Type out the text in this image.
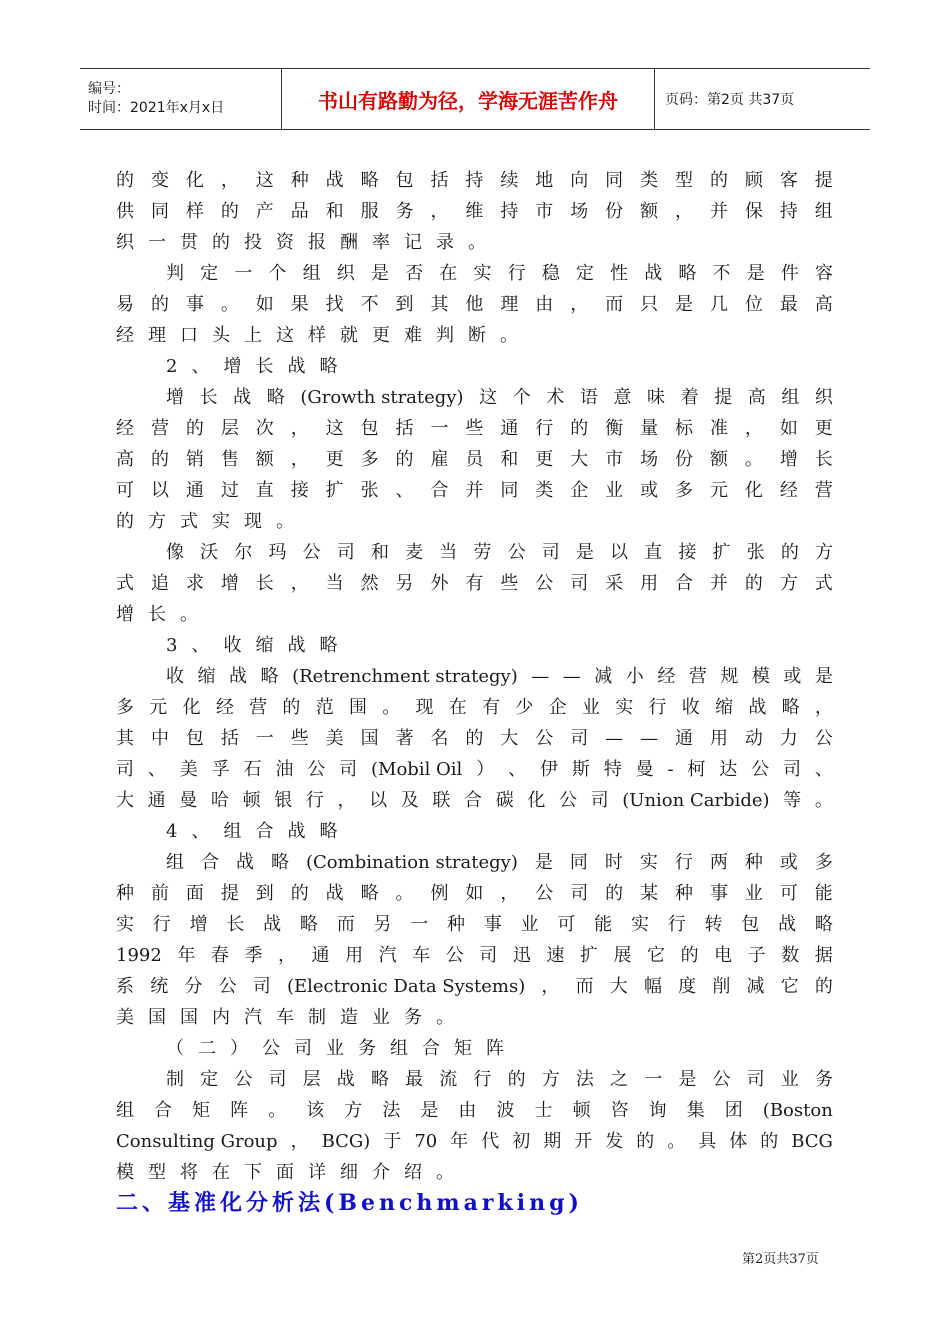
编号：
时间：2021年x月x日	书山有路勤为径，学海无涯苦作舟	页码：第2页 共37页
的 变 化 ， 这 种 战 略 包 括 持 续 地 向 同 类 型 的 顾 客 提
供 同 样 的 产 品 和 服 务 ， 维 持 市 场 份 额 ， 并 保 持 组
织 一 贯 的 投 资 报 酬 率 记 录 。
判 定 一 个 组 织 是 否 在 实 行 稳 定 性 战 略 不 是 件 容
易 的 事 。 如 果 找 不 到 其 他 理 由 ， 而 只 是 几 位 最 高
经 理 口 头 上 这 样 就 更 难 判 断 。
2 、 增 长 战 略
增 长 战 略 (Growth strategy) 这 个 术 语 意 味 着 提 高 组 织
经 营 的 层 次 ， 这 包 括 一 些 通 行 的 衡 量 标 准 ， 如 更
高 的 销 售 额 ， 更 多 的 雇 员 和 更 大 市 场 份 额 。 增 长
可 以 通 过 直 接 扩 张 、 合 并 同 类 企 业 或 多 元 化 经 营
的 方 式 实 现 。
像 沃 尔 玛 公 司 和 麦 当 劳 公 司 是 以 直 接 扩 张 的 方
式 追 求 增 长 ， 当 然 另 外 有 些 公 司 采 用 合 并 的 方 式
增 长 。
3 、 收 缩 战 略
收 缩 战 略 (Retrenchment strategy) — — 减 小 经 营 规 模 或 是
多 元 化 经 营 的 范 围 。 现 在 有 少 企 业 实 行 收 缩 战 略 ，
其 中 包 括 一 些 美 国 著 名 的 大 公 司 — — 通 用 动 力 公
司 、 美 孚 石 油 公 司 (Mobil Oil ） 、 伊 斯 特 曼 - 柯 达 公 司 、
大 通 曼 哈 顿 银 行 ， 以 及 联 合 碳 化 公 司 (Union Carbide) 等 。
4 、 组 合 战 略
组 合 战 略 (Combination strategy) 是 同 时 实 行 两 种 或 多
种 前 面 提 到 的 战 略 。 例 如 ， 公 司 的 某 种 事 业 可 能
实 行 增 长 战 略 而 另 一 种 事 业 可 能 实 行 转 包 战 略
1992 年 春 季 ， 通 用 汽 车 公 司 迅 速 扩 展 它 的 电 子 数 据
系 统 分 公 司 (Electronic Data Systems) ， 而 大 幅 度 削 减 它 的
美 国 国 内 汽 车 制 造 业 务 。
（ 二 ） 公 司 业 务 组 合 矩 阵
制 定 公 司 层 战 略 最 流 行 的 方 法 之 一 是 公 司 业 务
组 合 矩 阵 。 该 方 法 是 由 波 士 顿 咨 询 集 团 (Boston
Consulting Group ， BCG) 于 70 年 代 初 期 开 发 的 。 具 体 的 BCG
模 型 将 在 下 面 详 细 介 绍 。
二、基准化分析法(Benchmarking)
第2页共37页
